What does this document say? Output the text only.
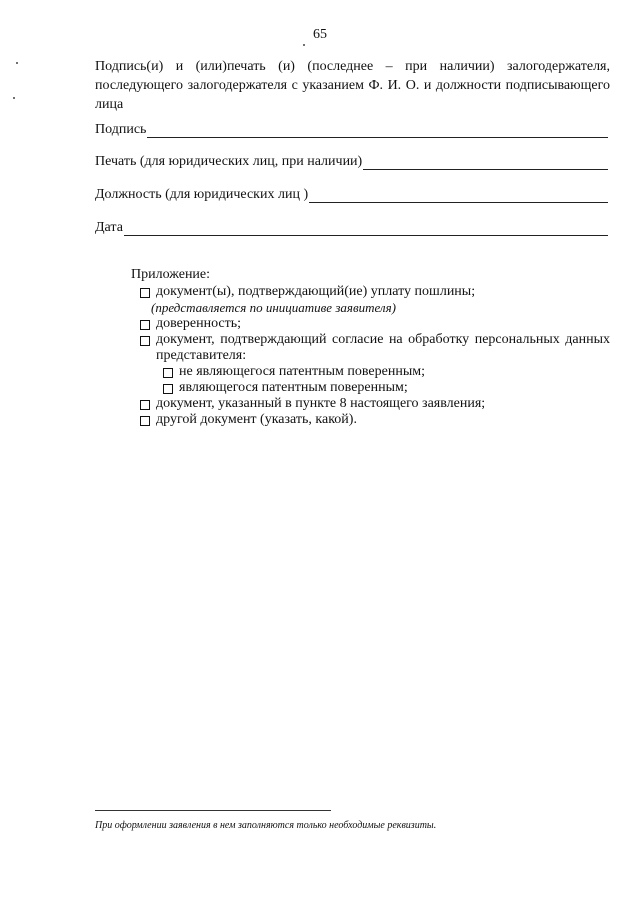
65
Подпись(и) и (или)печать (и) (последнее – при наличии) залогодержателя, последующего залогодержателя с указанием Ф. И. О. и должности подписывающего лица
Подпись
Печать (для юридических лиц, при наличии)
Должность (для юридических лиц )
Дата
Приложение:
документ(ы), подтверждающий(ие) уплату пошлины;
(представляется по инициативе заявителя)
доверенность;
документ, подтверждающий согласие на обработку персональных данных представителя:
не являющегося патентным поверенным;
являющегося патентным поверенным;
документ, указанный в пункте 8 настоящего заявления;
другой документ (указать, какой).
При оформлении заявления в нем заполняются только необходимые реквизиты.
